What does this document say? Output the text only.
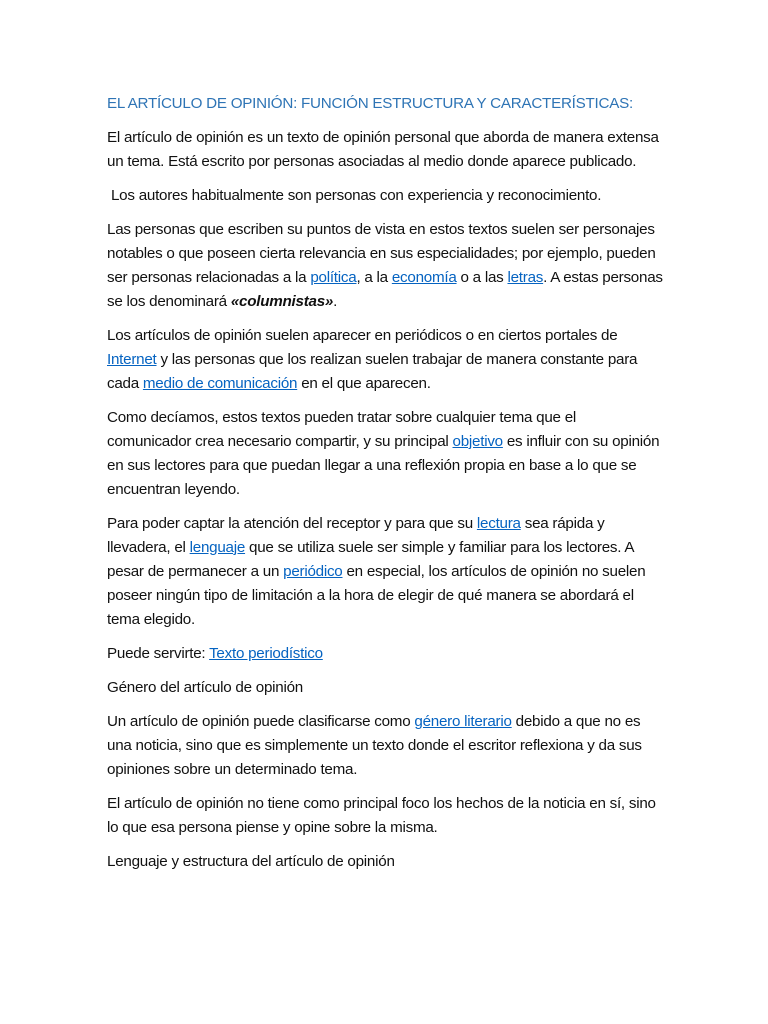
EL ARTÍCULO DE OPINIÓN: FUNCIÓN ESTRUCTURA Y CARACTERÍSTICAS:

El artículo de opinión es un texto de opinión personal que aborda de manera extensa un tema. Está escrito por personas asociadas al medio donde aparece publicado.

Los autores habitualmente son personas con experiencia y reconocimiento.

Las personas que escriben su puntos de vista en estos textos suelen ser personajes notables o que poseen cierta relevancia en sus especialidades; por ejemplo, pueden ser personas relacionadas a la política, a la economía o a las letras. A estas personas se los denominará «columnistas».

Los artículos de opinión suelen aparecer en periódicos o en ciertos portales de Internet y las personas que los realizan suelen trabajar de manera constante para cada medio de comunicación en el que aparecen.

Como decíamos, estos textos pueden tratar sobre cualquier tema que el comunicador crea necesario compartir, y su principal objetivo es influir con su opinión en sus lectores para que puedan llegar a una reflexión propia en base a lo que se encuentran leyendo.

Para poder captar la atención del receptor y para que su lectura sea rápida y llevadera, el lenguaje que se utiliza suele ser simple y familiar para los lectores. A pesar de permanecer a un periódico en especial, los artículos de opinión no suelen poseer ningún tipo de limitación a la hora de elegir de qué manera se abordará el tema elegido.

Puede servirte: Texto periodístico

Género del artículo de opinión

Un artículo de opinión puede clasificarse como género literario debido a que no es una noticia, sino que es simplemente un texto donde el escritor reflexiona y da sus opiniones sobre un determinado tema.

El artículo de opinión no tiene como principal foco los hechos de la noticia en sí, sino lo que esa persona piense y opine sobre la misma.

Lenguaje y estructura del artículo de opinión
